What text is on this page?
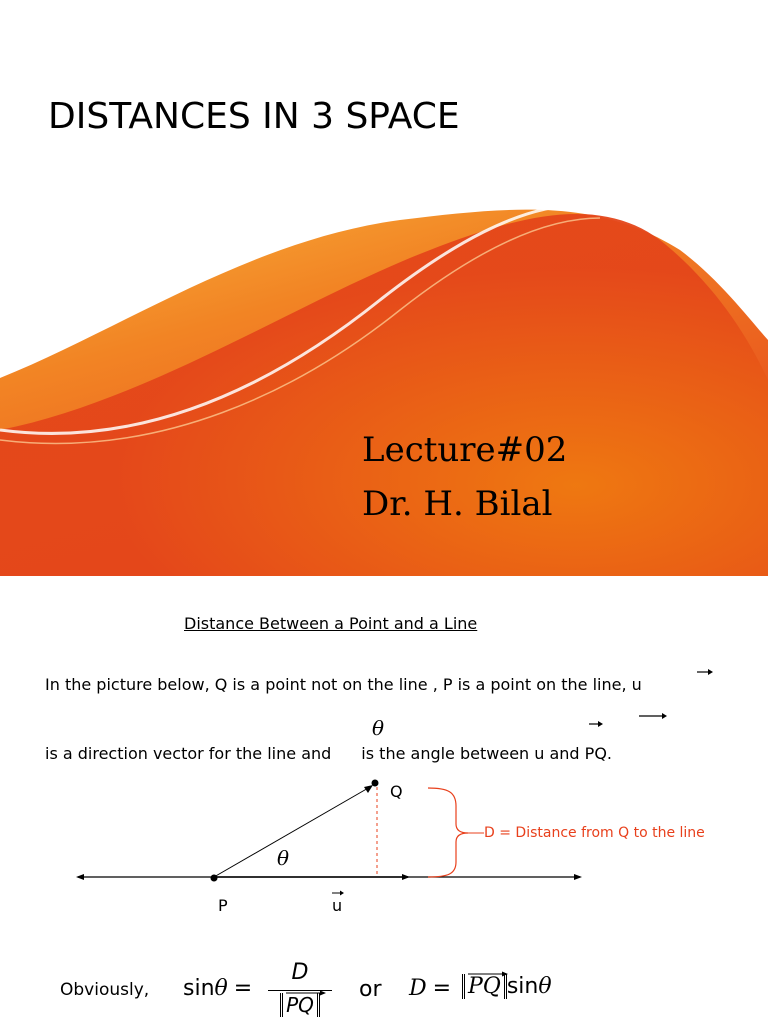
DISTANCES IN 3 SPACE
Lecture#02
Dr. H. Bilal
Distance Between a Point and a Line
In the picture below, Q is a point not on the line , P is a point on the line, u
θ
is a direction vector for the line and is the angle between u and PQ.
Q
D = Distance from Q to the line
θ
P	u
Obviously, sinθ =
D
PQ
or D = PQ sinθ
